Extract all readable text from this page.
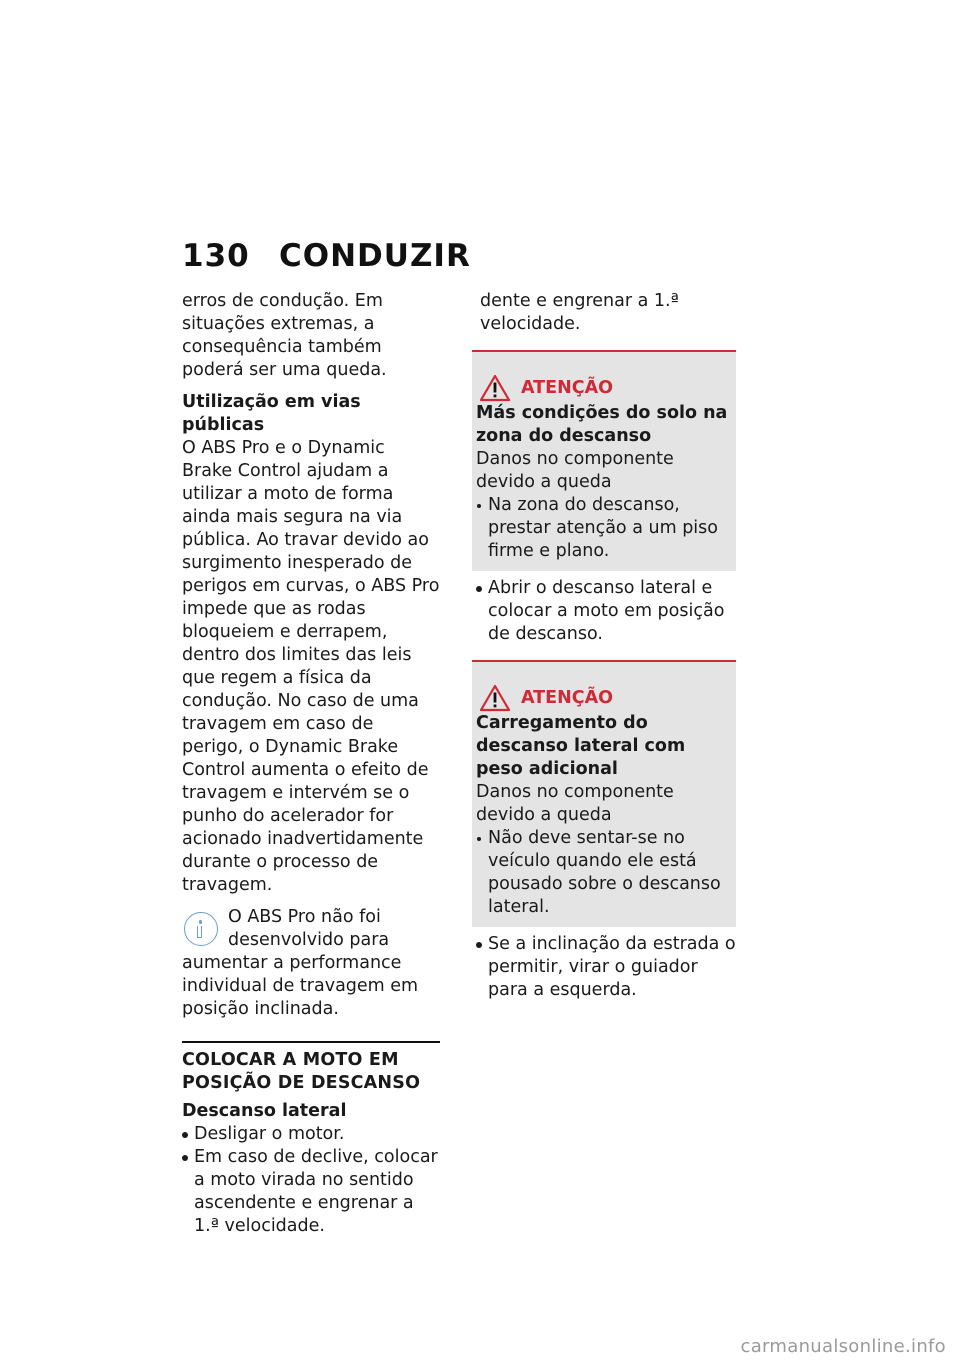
130 CONDUZIR

erros de condução. Em situações extremas, a consequência também poderá ser uma queda.

Utilização em vias públicas

O ABS Pro e o Dynamic Brake Control ajudam a utilizar a moto de forma ainda mais segura na via pública. Ao travar devido ao surgimento inesperado de perigos em curvas, o ABS Pro impede que as rodas bloqueiem e derrapem, dentro dos limites das leis que regem a física da condução. No caso de uma travagem em caso de perigo, o Dynamic Brake Control aumenta o efeito de travagem e intervém se o punho do acelerador for acionado inadvertidamente durante o processo de travagem.

O ABS Pro não foi desenvolvido para aumentar a performance individual de travagem em posição inclinada.

COLOCAR A MOTO EM POSIÇÃO DE DESCANSO
Descanso lateral
Desligar o motor.
Em caso de declive, colocar a moto virada no sentido ascendente e engrenar a 1.ª velocidade.

dente e engrenar a 1.ª velocidade.

ATENÇÃO

Más condições do solo na zona do descanso

Danos no componente devido a queda

Na zona do descanso, prestar atenção a um piso firme e plano.
Abrir o descanso lateral e colocar a moto em posição de descanso.
ATENÇÃO

Carregamento do descanso lateral com peso adicional

Danos no componente devido a queda

Não deve sentar-se no veículo quando ele está pousado sobre o descanso lateral.
Se a inclinação da estrada o permitir, virar o guiador para a esquerda.
carmanualsonline.info
